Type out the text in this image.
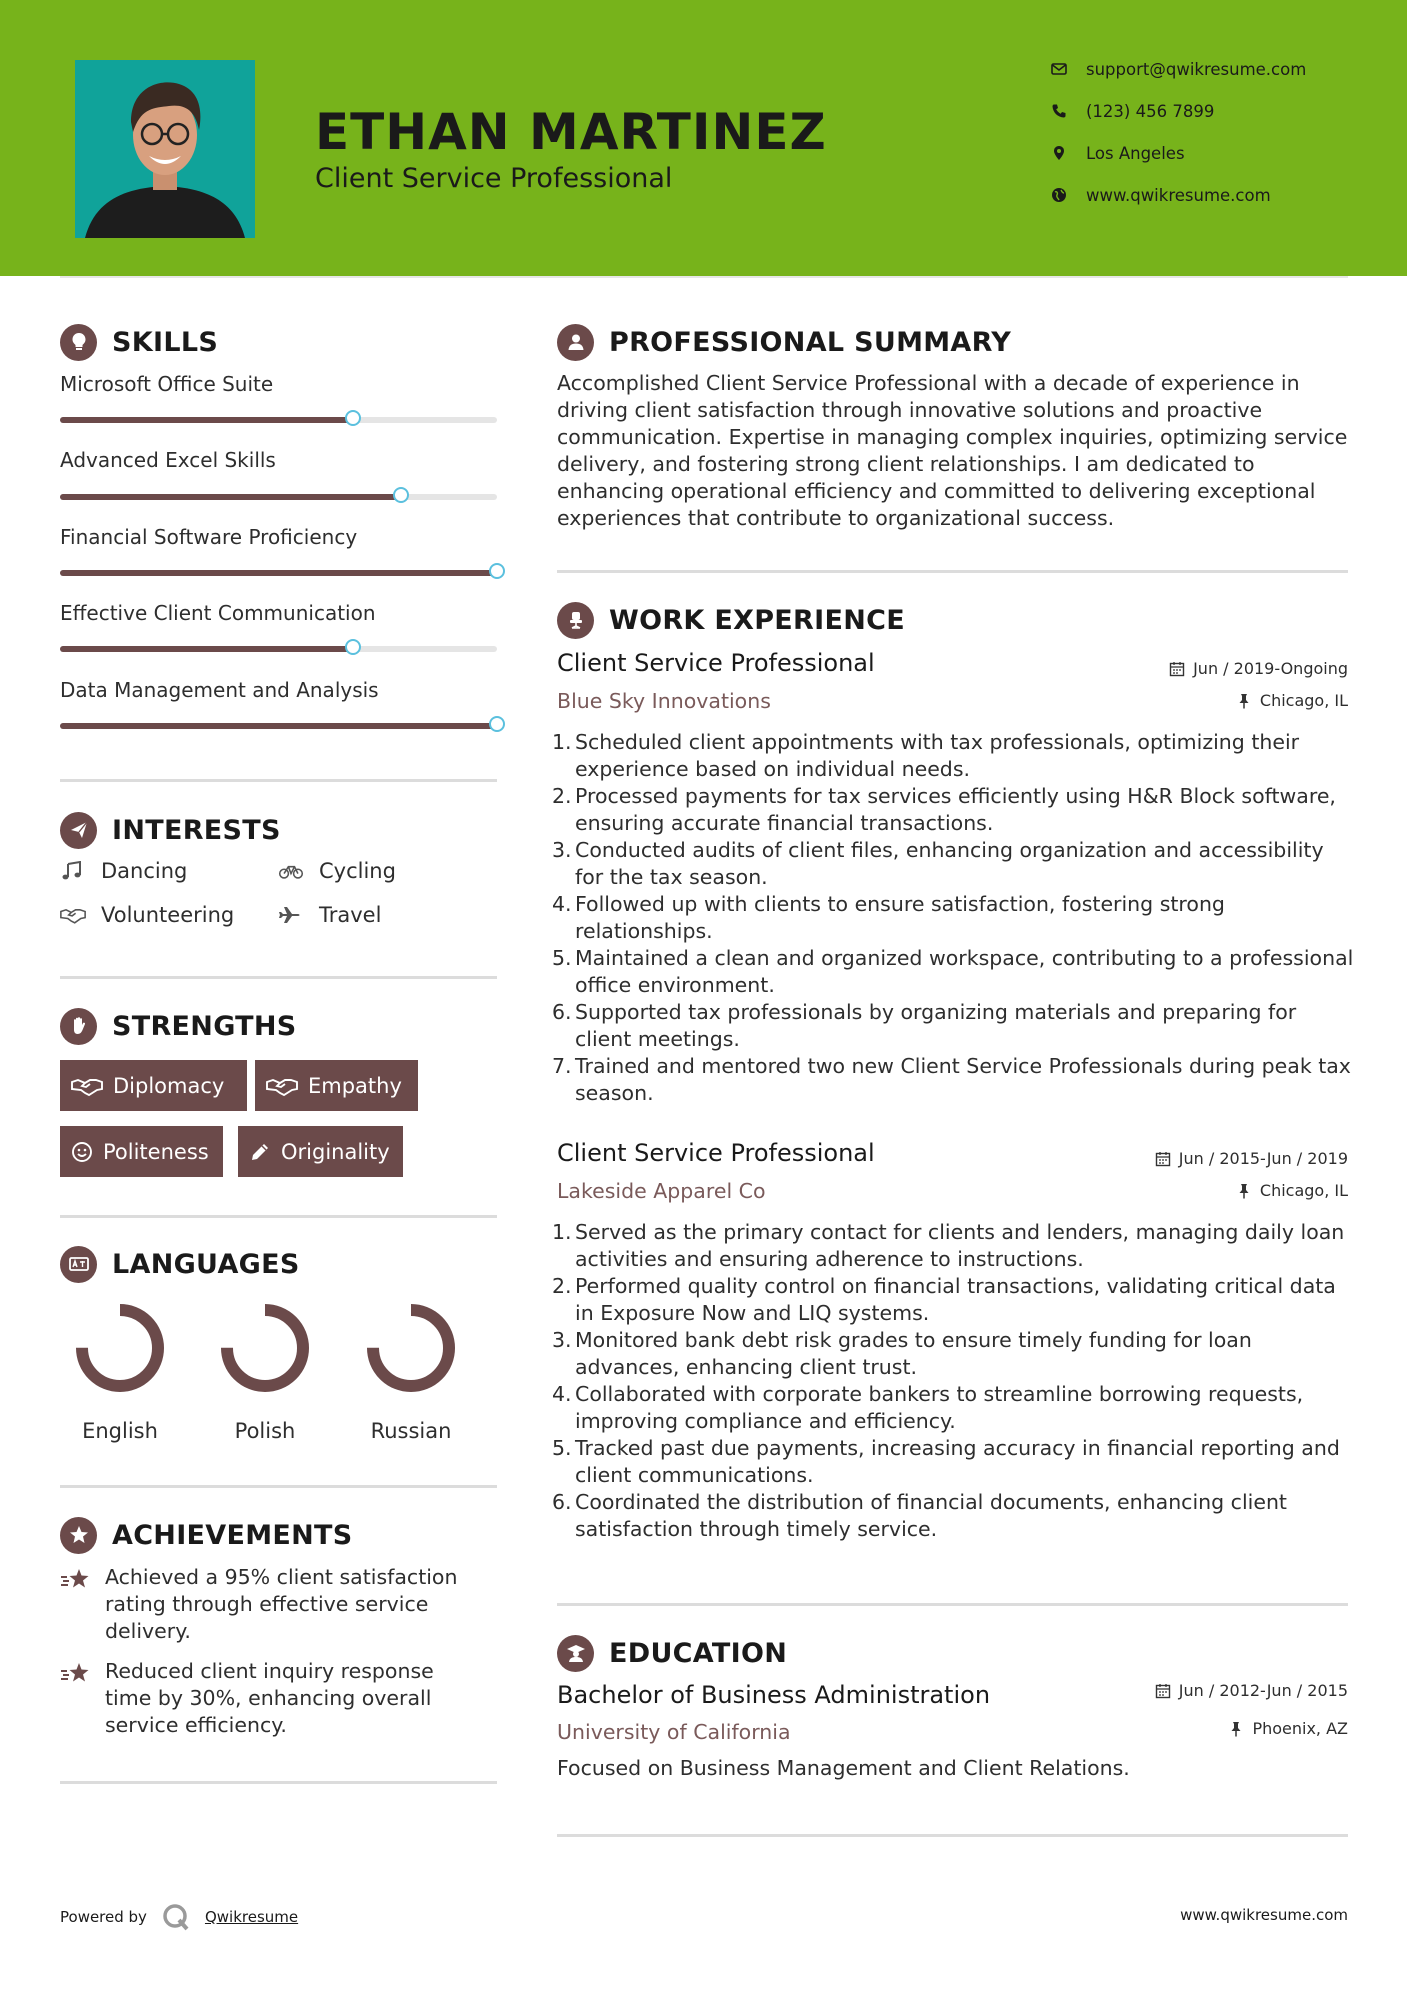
ETHAN MARTINEZ
Client Service Professional
support@qwikresume.com
(123) 456 7899
Los Angeles
www.qwikresume.com
SKILLS
Microsoft Office Suite
Advanced Excel Skills
Financial Software Proficiency
Effective Client Communication
Data Management and Analysis
INTERESTS
Dancing	Cycling
Volunteering	Travel
STRENGTHS
Diplomacy	Empathy
Politeness	Originality
LANGUAGES
English	Polish	Russian
ACHIEVEMENTS
Achieved a 95% client satisfaction rating through effective service delivery.
Reduced client inquiry response time by 30%, enhancing overall service efficiency.
PROFESSIONAL SUMMARY
Accomplished Client Service Professional with a decade of experience in driving client satisfaction through innovative solutions and proactive communication. Expertise in managing complex inquiries, optimizing service delivery, and fostering strong client relationships. I am dedicated to enhancing operational efficiency and committed to delivering exceptional experiences that contribute to organizational success.
WORK EXPERIENCE
Client Service Professional	Jun / 2019-Ongoing
Blue Sky Innovations	Chicago, IL
1. Scheduled client appointments with tax professionals, optimizing their experience based on individual needs.
2. Processed payments for tax services efficiently using H&R Block software, ensuring accurate financial transactions.
3. Conducted audits of client files, enhancing organization and accessibility for the tax season.
4. Followed up with clients to ensure satisfaction, fostering strong relationships.
5. Maintained a clean and organized workspace, contributing to a professional office environment.
6. Supported tax professionals by organizing materials and preparing for client meetings.
7. Trained and mentored two new Client Service Professionals during peak tax season.
Client Service Professional	Jun / 2015-Jun / 2019
Lakeside Apparel Co	Chicago, IL
1. Served as the primary contact for clients and lenders, managing daily loan activities and ensuring adherence to instructions.
2. Performed quality control on financial transactions, validating critical data in Exposure Now and LIQ systems.
3. Monitored bank debt risk grades to ensure timely funding for loan advances, enhancing client trust.
4. Collaborated with corporate bankers to streamline borrowing requests, improving compliance and efficiency.
5. Tracked past due payments, increasing accuracy in financial reporting and client communications.
6. Coordinated the distribution of financial documents, enhancing client satisfaction through timely service.
EDUCATION
Bachelor of Business Administration	Jun / 2012-Jun / 2015
University of California	Phoenix, AZ
Focused on Business Management and Client Relations.
Powered by	Qwikresume	www.qwikresume.com
